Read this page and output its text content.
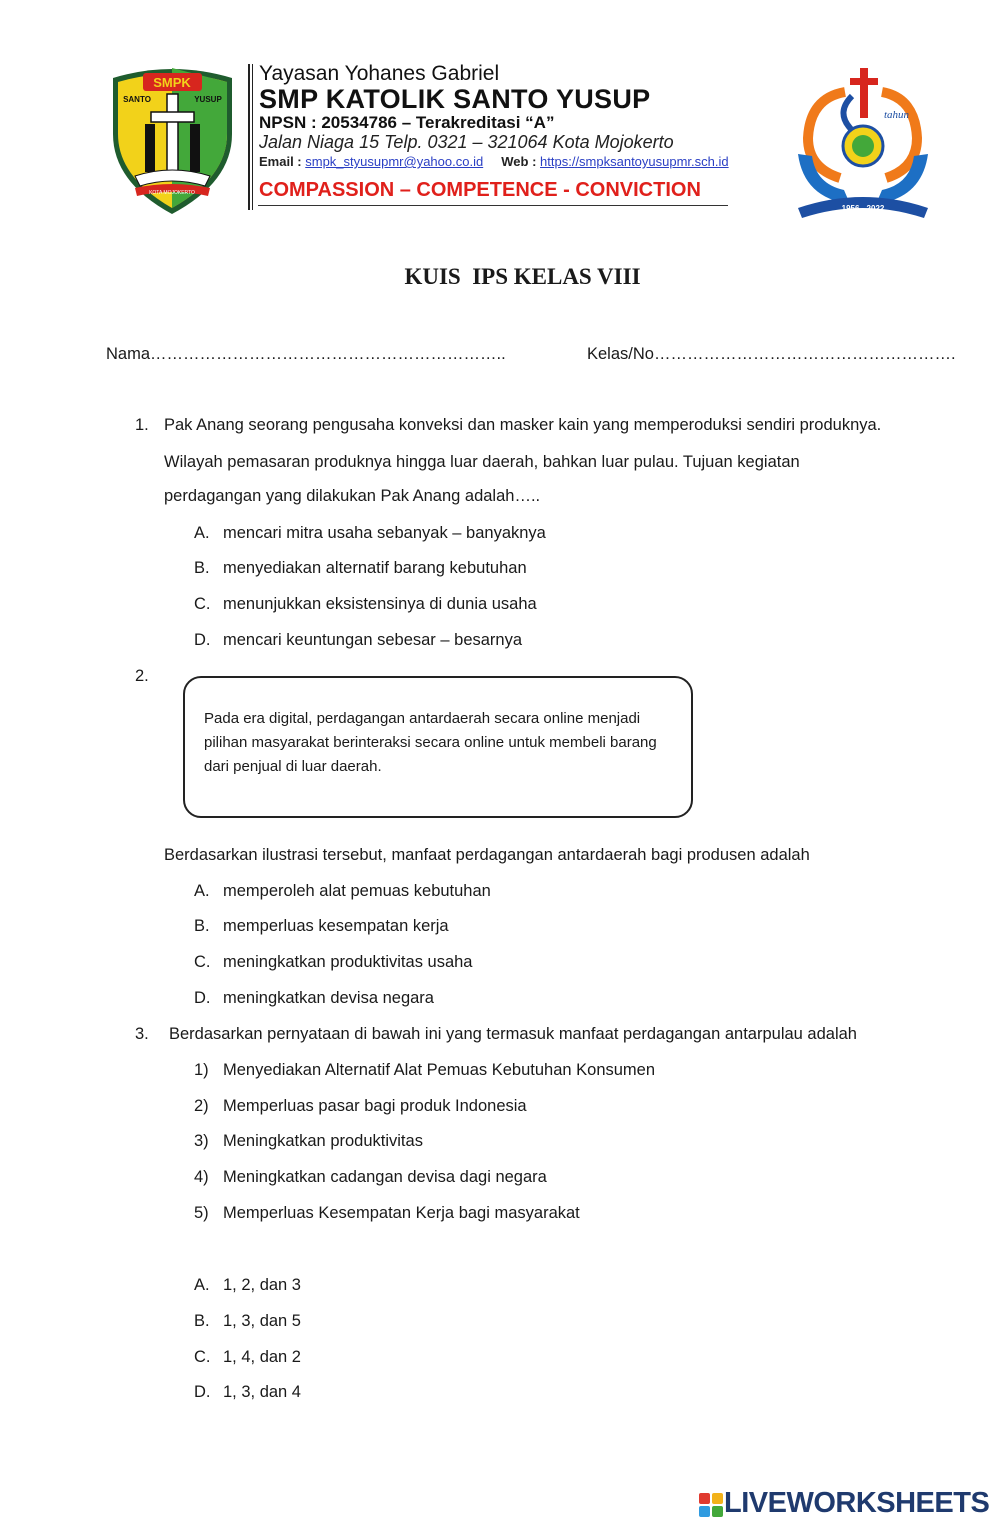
SMPK
SANTO	YUSUP
KOTA MOJOKERTO
Yayasan Yohanes Gabriel
SMP KATOLIK SANTO YUSUP
NPSN : 20534786 – Terakreditasi “A”
Jalan Niaga 15 Telp. 0321 – 321064 Kota Mojokerto
Email : smpk_styusupmr@yahoo.co.id Web : https://smpksantoyusupmr.sch.id
COMPASSION – COMPETENCE - CONVICTION
tahun
1956 - 2022
KUIS  IPS KELAS VIII
Nama………………………………………………………..	Kelas/No……………………………………………….
1. Pak Anang seorang pengusaha konveksi dan masker kain yang memperoduksi sendiri produknya.
Wilayah pemasaran produknya hingga luar daerah, bahkan luar pulau. Tujuan kegiatan
perdagangan yang dilakukan Pak Anang adalah…..
A. mencari mitra usaha sebanyak – banyaknya
B. menyediakan alternatif barang kebutuhan
C. menunjukkan eksistensinya di dunia usaha
D. mencari keuntungan sebesar – besarnya
2.
Pada era digital, perdagangan antardaerah secara online menjadi pilihan masyarakat berinteraksi secara online untuk membeli barang dari penjual di luar daerah.
Berdasarkan ilustrasi tersebut, manfaat perdagangan antardaerah bagi produsen adalah
A. memperoleh alat pemuas kebutuhan
B. memperluas kesempatan kerja
C. meningkatkan produktivitas usaha
D. meningkatkan devisa negara
3. Berdasarkan pernyataan di bawah ini yang termasuk manfaat perdagangan antarpulau adalah
1) Menyediakan Alternatif Alat Pemuas Kebutuhan Konsumen
2) Memperluas pasar bagi produk Indonesia
3) Meningkatkan produktivitas
4) Meningkatkan cadangan devisa dagi negara
5) Memperluas Kesempatan Kerja bagi masyarakat
A. 1, 2, dan 3
B. 1, 3, dan 5
C. 1, 4, dan 2
D. 1, 3, dan 4
LIVEWORKSHEETS
